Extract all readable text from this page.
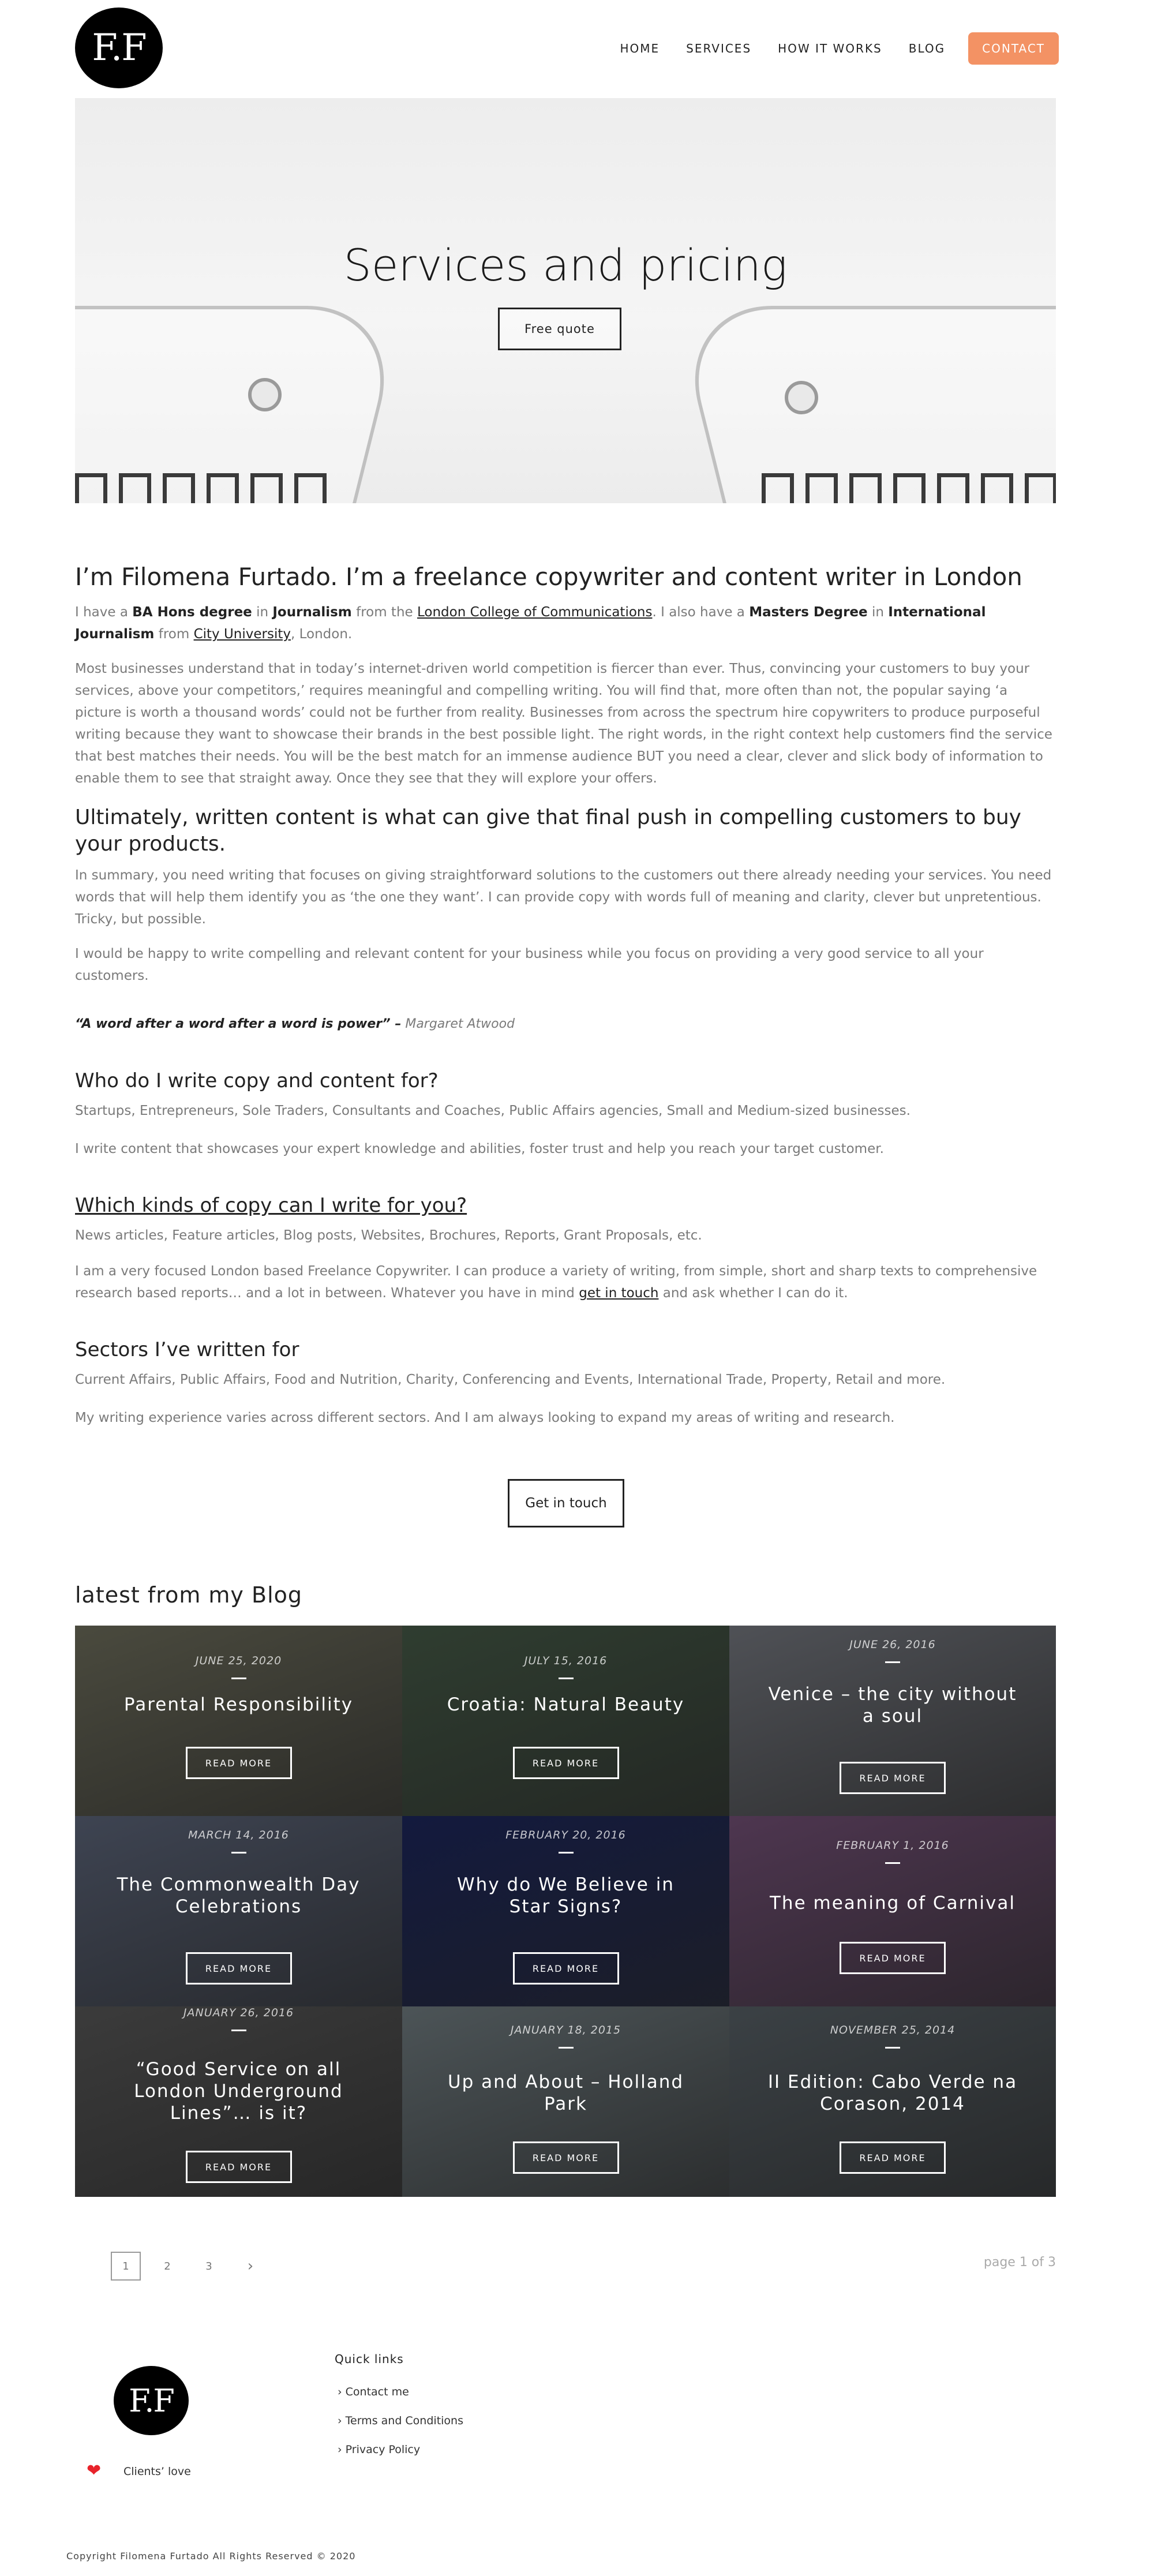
F.F	HOME SERVICES HOW IT WORKS BLOG	CONTACT
Services and pricing
Free quote
I’m Filomena Furtado. I’m a freelance copywriter and content writer in London

I have a BA Hons degree in Journalism from the London College of Communications. I also have a Masters Degree in International Journalism from City University, London.

Most businesses understand that in today’s internet-driven world competition is fiercer than ever. Thus, convincing your customers to buy your services, above your competitors,’ requires meaningful and compelling writing. You will find that, more often than not, the popular saying ‘a picture is worth a thousand words’ could not be further from reality. Businesses from across the spectrum hire copywriters to produce purposeful writing because they want to showcase their brands in the best possible light. The right words, in the right context help customers find the service that best matches their needs. You will be the best match for an immense audience BUT you need a clear, clever and slick body of information to enable them to see that straight away. Once they see that they will explore your offers.

Ultimately, written content is what can give that final push in compelling customers to buy your products.

In summary, you need writing that focuses on giving straightforward solutions to the customers out there already needing your services. You need words that will help them identify you as ‘the one they want’. I can provide copy with words full of meaning and clarity, clever but unpretentious. Tricky, but possible.

I would be happy to write compelling and relevant content for your business while you focus on providing a very good service to all your customers.

“A word after a word after a word is power” – Margaret Atwood

Who do I write copy and content for?

Startups, Entrepreneurs, Sole Traders, Consultants and Coaches, Public Affairs agencies, Small and Medium-sized businesses.

I write content that showcases your expert knowledge and abilities, foster trust and help you reach your target customer.

Which kinds of copy can I write for you?

News articles, Feature articles, Blog posts, Websites, Brochures, Reports, Grant Proposals, etc.

I am a very focused London based Freelance Copywriter. I can produce a variety of writing, from simple, short and sharp texts to comprehensive research based reports… and a lot in between. Whatever you have in mind get in touch and ask whether I can do it.

Sectors I’ve written for

Current Affairs, Public Affairs, Food and Nutrition, Charity, Conferencing and Events, International Trade, Property, Retail and more.

My writing experience varies across different sectors. And I am always looking to expand my areas of writing and research.

Get in touch
latest from my Blog
JUNE 25, 2020
Parental Responsibility
READ MORE
JULY 15, 2016
Croatia: Natural Beauty
READ MORE
JUNE 26, 2016
Venice – the city without a soul
READ MORE
MARCH 14, 2016
The Commonwealth Day Celebrations
READ MORE
FEBRUARY 20, 2016
Why do We Believe in Star Signs?
READ MORE
FEBRUARY 1, 2016
The meaning of Carnival
READ MORE
JANUARY 26, 2016
“Good Service on all London Underground Lines”… is it?
READ MORE
JANUARY 18, 2015
Up and About – Holland Park
READ MORE
NOVEMBER 25, 2014
II Edition: Cabo Verde na Corason, 2014
READ MORE
1	2	3	›	page 1 of 3
F.F
❤ Clients’ love
Quick links
› Contact me
› Terms and Conditions
› Privacy Policy
Copyright Filomena Furtado All Rights Reserved © 2020
